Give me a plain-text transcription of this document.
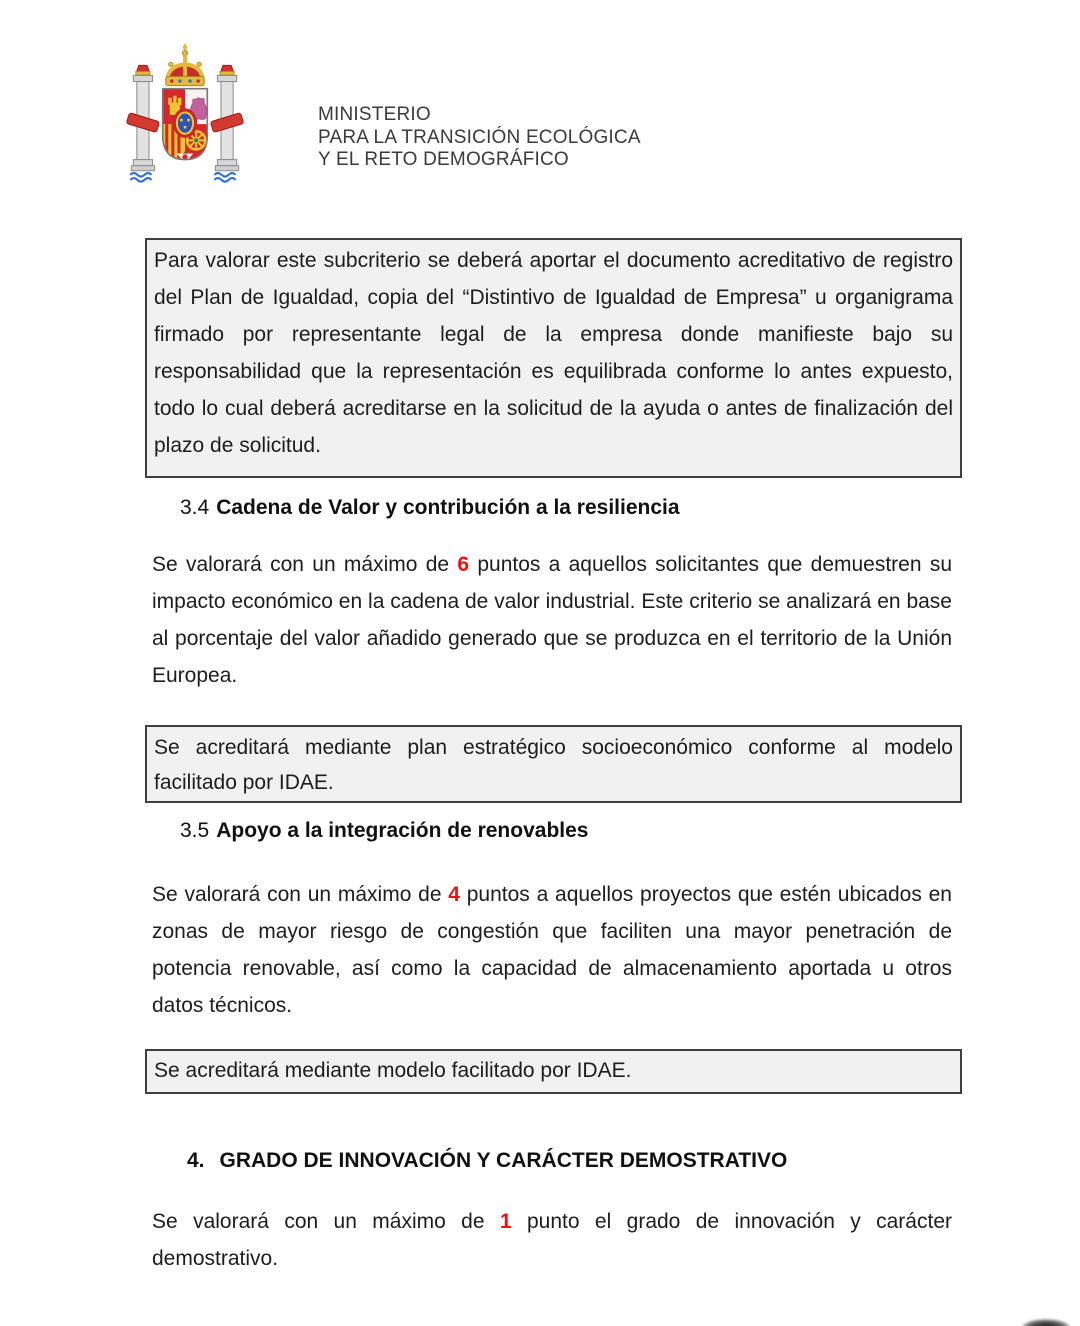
MINISTERIO
PARA LA TRANSICIÓN ECOLÓGICA
Y EL RETO DEMOGRÁFICO

Para valorar este subcriterio se deberá aportar el documento acreditativo de registro del Plan de Igualdad, copia del “Distintivo de Igualdad de Empresa” u organigrama firmado por representante legal de la empresa donde manifieste bajo su responsabilidad que la representación es equilibrada conforme lo antes expuesto, todo lo cual deberá acreditarse en la solicitud de la ayuda o antes de finalización del plazo de solicitud.

3.4 Cadena de Valor y contribución a la resiliencia
Se valorará con un máximo de 6 puntos a aquellos solicitantes que demuestren su impacto económico en la cadena de valor industrial. Este criterio se analizará en base al porcentaje del valor añadido generado que se produzca en el territorio de la Unión Europea.

Se acreditará mediante plan estratégico socioeconómico conforme al modelo facilitado por IDAE.

3.5 Apoyo a la integración de renovables
Se valorará con un máximo de 4 puntos a aquellos proyectos que estén ubicados en zonas de mayor riesgo de congestión que faciliten una mayor penetración de potencia renovable, así como la capacidad de almacenamiento aportada u otros datos técnicos.

Se acreditará mediante modelo facilitado por IDAE.

4. GRADO DE INNOVACIÓN Y CARÁCTER DEMOSTRATIVO
Se valorará con un máximo de 1 punto el grado de innovación y carácter demostrativo.
